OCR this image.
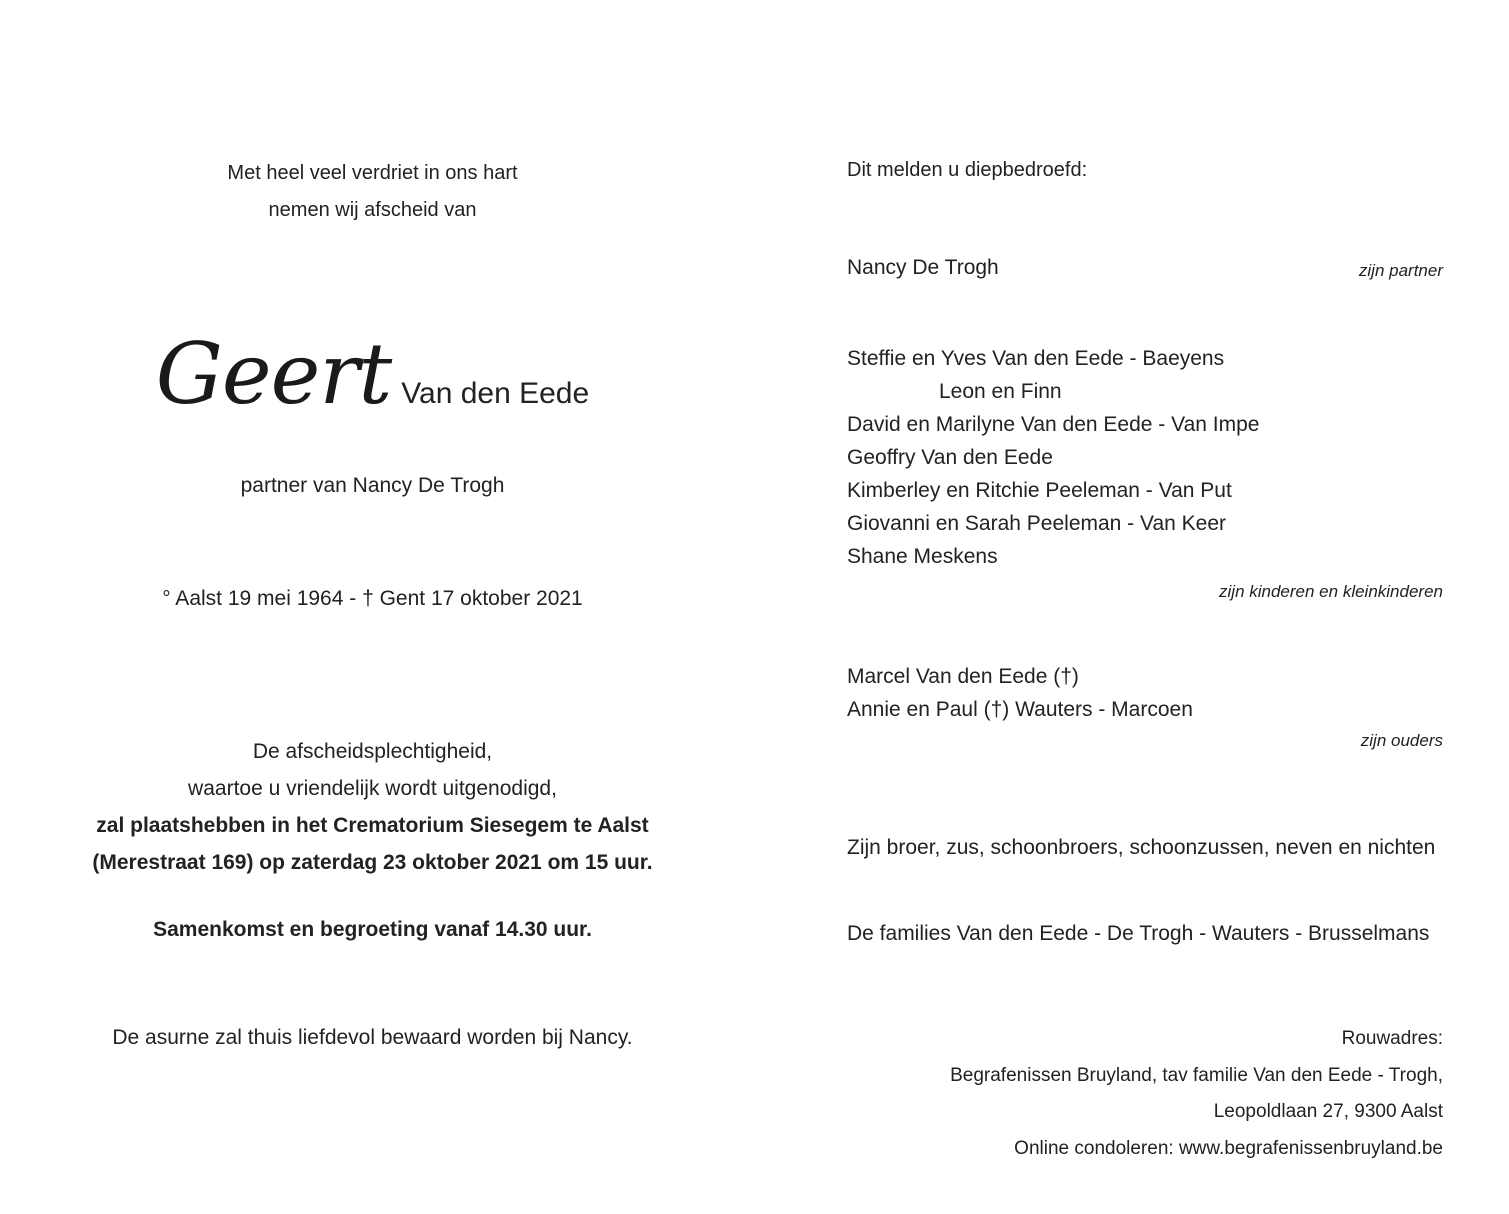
Met heel veel verdriet in ons hart
nemen wij afscheid van
Geert Van den Eede
partner van Nancy De Trogh
° Aalst 19 mei 1964 - † Gent 17 oktober 2021
De afscheidsplechtigheid,
waartoe u vriendelijk wordt uitgenodigd,
zal plaatshebben in het Crematorium Siesegem te Aalst
(Merestraat 169) op zaterdag 23 oktober 2021 om 15 uur.
Samenkomst en begroeting vanaf 14.30 uur.
De asurne zal thuis liefdevol bewaard worden bij Nancy.
Dit melden u diepbedroefd:
Nancy De Trogh	zijn partner
Steffie en Yves Van den Eede - Baeyens
Leon en Finn
David en Marilyne Van den Eede - Van Impe
Geoffry Van den Eede
Kimberley en Ritchie Peeleman - Van Put
Giovanni en Sarah Peeleman - Van Keer
Shane Meskens
zijn kinderen en kleinkinderen
Marcel Van den Eede (†)
Annie en Paul (†) Wauters - Marcoen
zijn ouders
Zijn broer, zus, schoonbroers, schoonzussen, neven en nichten
De families Van den Eede - De Trogh - Wauters - Brusselmans
Rouwadres:
Begrafenissen Bruyland, tav familie Van den Eede - Trogh,
Leopoldlaan 27, 9300 Aalst
Online condoleren: www.begrafenissenbruyland.be
